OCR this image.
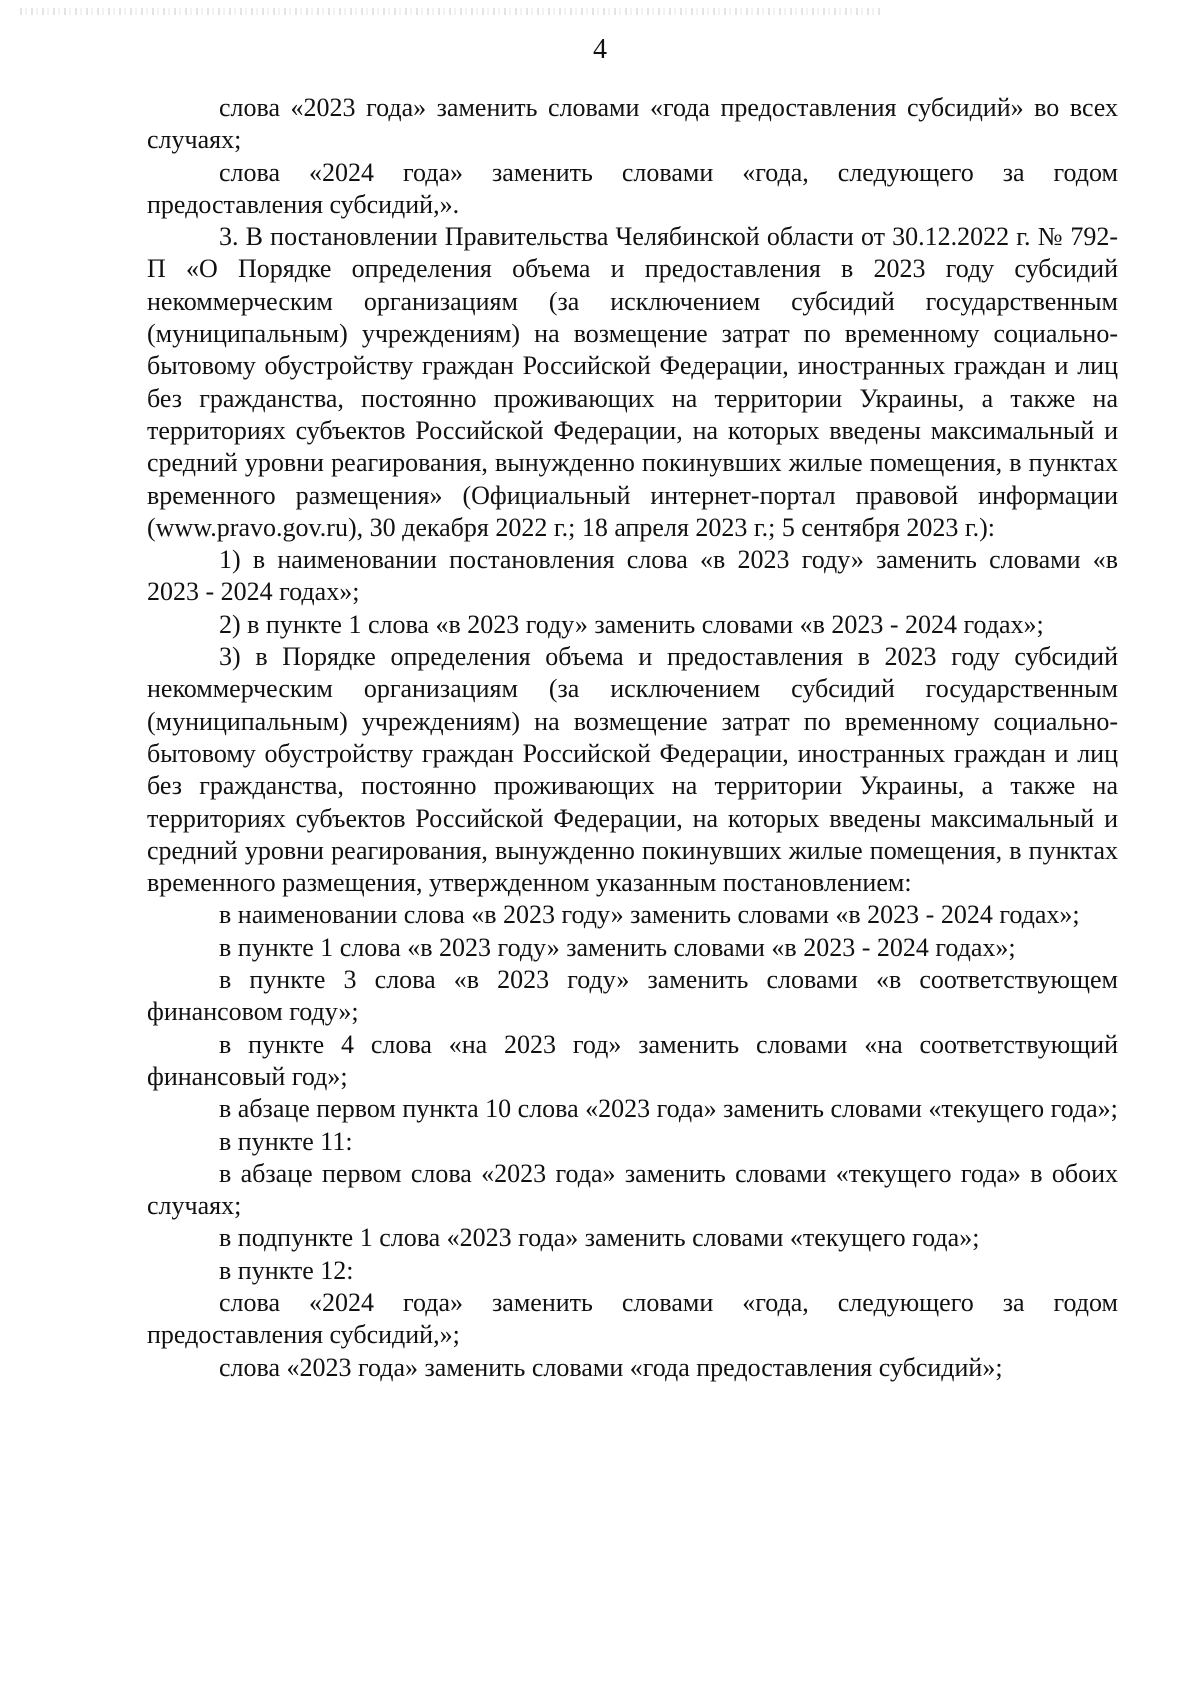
4

слова «2023 года» заменить словами «года предоставления субсидий» во всех случаях;

слова «2024 года» заменить словами «года, следующего за годом предоставления субсидий,».

3. В постановлении Правительства Челябинской области от 30.12.2022 г. № 792-П «О Порядке определения объема и предоставления в 2023 году субсидий некоммерческим организациям (за исключением субсидий государственным (муниципальным) учреждениям) на возмещение затрат по временному социально-бытовому обустройству граждан Российской Федерации, иностранных граждан и лиц без гражданства, постоянно проживающих на территории Украины, а также на территориях субъектов Российской Федерации, на которых введены максимальный и средний уровни реагирования, вынужденно покинувших жилые помещения, в пунктах временного размещения» (Официальный интернет-портал правовой информации (www.pravo.gov.ru), 30 декабря 2022 г.; 18 апреля 2023 г.; 5 сентября 2023 г.):

1) в наименовании постановления слова «в 2023 году» заменить словами «в 2023 - 2024 годах»;

2) в пункте 1 слова «в 2023 году» заменить словами «в 2023 - 2024 годах»;

3) в Порядке определения объема и предоставления в 2023 году субсидий некоммерческим организациям (за исключением субсидий государственным (муниципальным) учреждениям) на возмещение затрат по временному социально-бытовому обустройству граждан Российской Федерации, иностранных граждан и лиц без гражданства, постоянно проживающих на территории Украины, а также на территориях субъектов Российской Федерации, на которых введены максимальный и средний уровни реагирования, вынужденно покинувших жилые помещения, в пунктах временного размещения, утвержденном указанным постановлением:

в наименовании слова «в 2023 году» заменить словами «в 2023 - 2024 годах»;

в пункте 1 слова «в 2023 году» заменить словами «в 2023 - 2024 годах»;

в пункте 3 слова «в 2023 году» заменить словами «в соответствующем финансовом году»;

в пункте 4 слова «на 2023 год» заменить словами «на соответствующий финансовый год»;

в абзаце первом пункта 10 слова «2023 года» заменить словами «текущего года»;

в пункте 11:

в абзаце первом слова «2023 года» заменить словами «текущего года» в обоих случаях;

в подпункте 1 слова «2023 года» заменить словами «текущего года»;

в пункте 12:

слова «2024 года» заменить словами «года, следующего за годом предоставления субсидий,»;

слова «2023 года» заменить словами «года предоставления субсидий»;
